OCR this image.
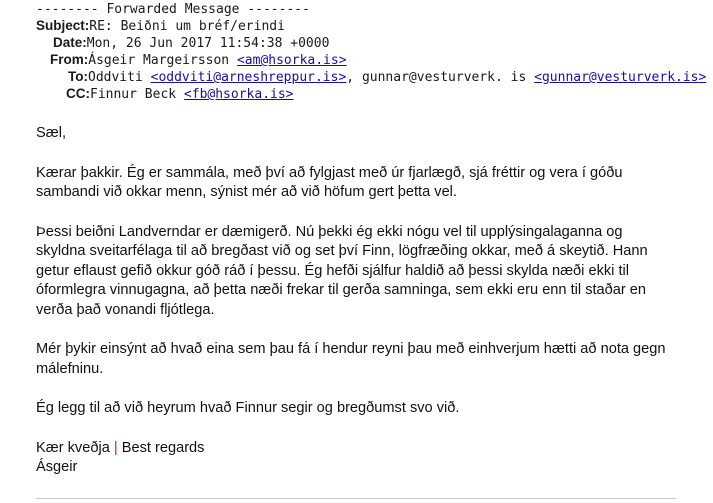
-------- Forwarded Message --------
Subject:RE: Beiðni um bréf/erindi
Date:Mon, 26 Jun 2017 11:54:38 +0000
From:Ásgeir Margeirsson <am@hsorka.is>
To:Oddviti <oddviti@arneshreppur.is>, gunnar@vesturverk. is <gunnar@vesturverk.is>
CC:Finnur Beck <fb@hsorka.is>

Sæl,

Kærar þakkir. Ég er sammála, með því að fylgjast með úr fjarlægð, sjá fréttir og vera í góðu sambandi við okkar menn, sýnist mér að við höfum gert þetta vel.

Þessi beiðni Landverndar er dæmigerð. Nú þekki ég ekki nógu vel til upplýsingalaganna og skyldna sveitarfélaga til að bregðast við og set því Finn, lögfræðing okkar, með á skeytið. Hann getur eflaust gefið okkur góð ráð í þessu. Ég hefði sjálfur haldið að þessi skylda næði ekki til óformlegra vinnugagna, að þetta næði frekar til gerða samninga, sem ekki eru enn til staðar en verða það vonandi fljótlega.

Mér þykir einsýnt að hvað eina sem þau fá í hendur reyni þau með einhverjum hætti að nota gegn málefninu.

Ég legg til að við heyrum hvað Finnur segir og bregðumst svo við.

Kær kveðja | Best regards

Ásgeir
